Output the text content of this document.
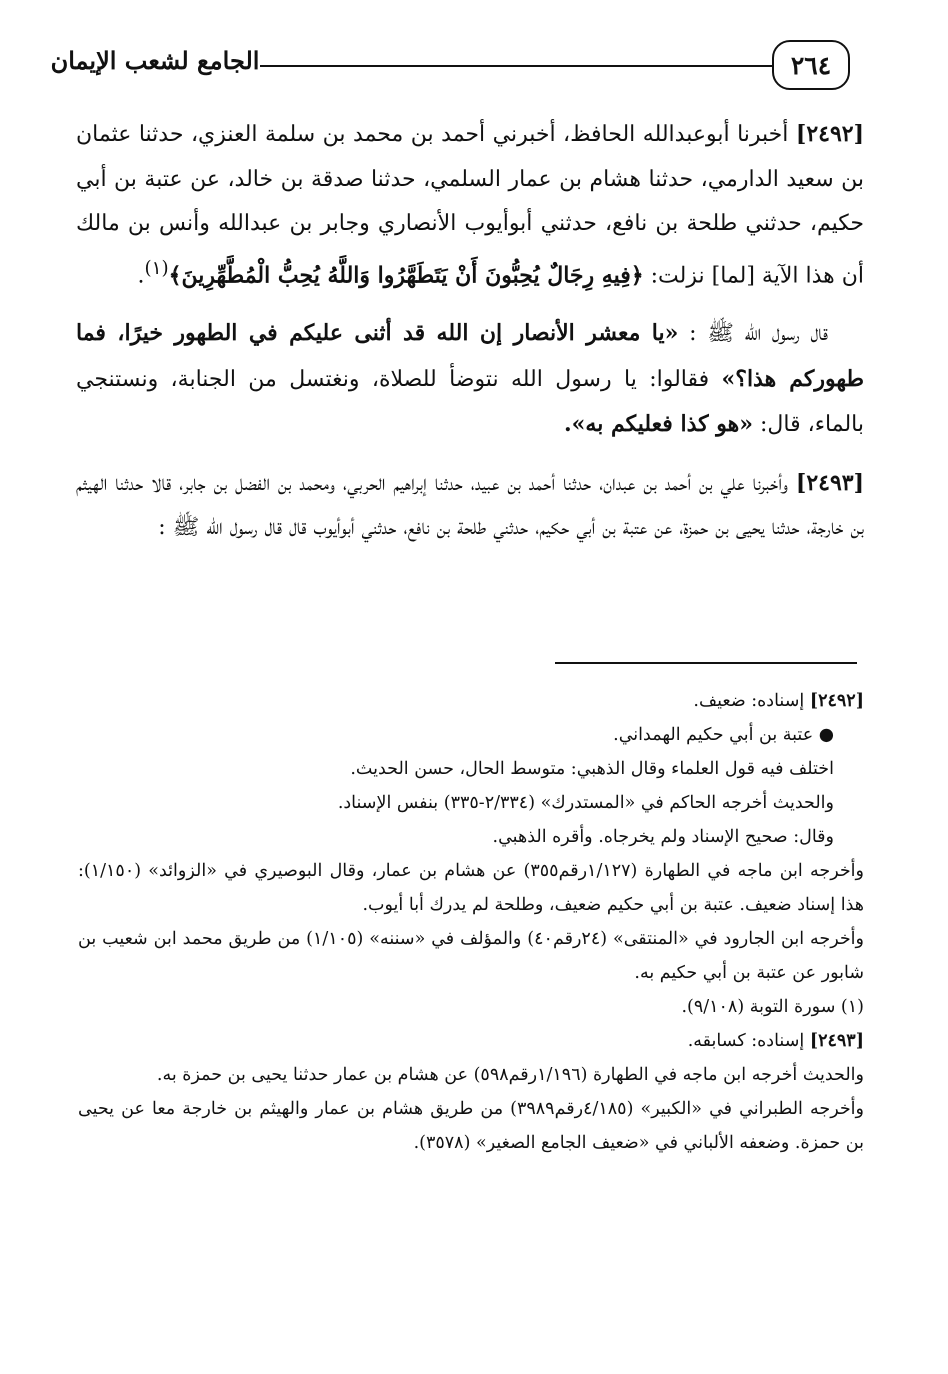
٢٦٤
الجامع لشعب الإيمان

[٢٤٩٢] أخبرنا أبوعبدالله الحافظ، أخبرني أحمد بن محمد بن سلمة العنزي، حدثنا عثمان بن سعيد الدارمي، حدثنا هشام بن عمار السلمي، حدثنا صدقة بن خالد، عن عتبة بن أبي حكيم، حدثني طلحة بن نافع، حدثني أبوأيوب الأنصاري وجابر بن عبدالله وأنس بن مالك أن هذا الآية [لما] نزلت: ﴿فِيهِ رِجَالٌ يُحِبُّونَ أَنْ يَتَطَهَّرُوا وَاللَّهُ يُحِبُّ الْمُطَّهِّرِينَ﴾$^{(١)}$.

قال رسول الله ﷺ : «يا معشر الأنصار إن الله قد أثنى عليكم في الطهور خيرًا، فما طهوركم هذا؟» فقالوا: يا رسول الله نتوضأ للصلاة، ونغتسل من الجنابة، ونستنجي بالماء، قال: «هو كذا فعليكم به».

[٢٤٩٣] وأخبرنا علي بن أحمد بن عبدان، حدثنا أحمد بن عبيد، حدثنا إبراهيم الحربي، ومحمد بن الفضل بن جابر، قالا حدثنا الهيثم بن خارجة، حدثنا يحيى بن حمزة، عن عتبة بن أبي حكيم، حدثني طلحة بن نافع، حدثني أبوأيوب قال قال رسول الله ﷺ :

[٢٤٩٢] إسناده: ضعيف.

● عتبة بن أبي حكيم الهمداني.

اختلف فيه قول العلماء وقال الذهبي: متوسط الحال، حسن الحديث.

والحديث أخرجه الحاكم في «المستدرك» (٢/٣٣٤-٣٣٥) بنفس الإسناد.

وقال: صحيح الإسناد ولم يخرجاه. وأقره الذهبي.

وأخرجه ابن ماجه في الطهارة (١/١٢٧رقم٣٥٥) عن هشام بن عمار، وقال البوصيري في «الزوائد» (١/١٥٠): هذا إسناد ضعيف. عتبة بن أبي حكيم ضعيف، وطلحة لم يدرك أبا أيوب.

وأخرجه ابن الجارود في «المنتقى» (٢٤رقم٤٠) والمؤلف في «سننه» (١/١٠٥) من طريق محمد ابن شعيب بن شابور عن عتبة بن أبي حكيم به.

(١) سورة التوبة (٩/١٠٨).

[٢٤٩٣] إسناده: كسابقه.

والحديث أخرجه ابن ماجه في الطهارة (١/١٩٦رقم٥٩٨) عن هشام بن عمار حدثنا يحيى بن حمزة به.

وأخرجه الطبراني في «الكبير» (٤/١٨٥رقم٣٩٨٩) من طريق هشام بن عمار والهيثم بن خارجة معا عن يحيى بن حمزة. وضعفه الألباني في «ضعيف الجامع الصغير» (٣٥٧٨).
